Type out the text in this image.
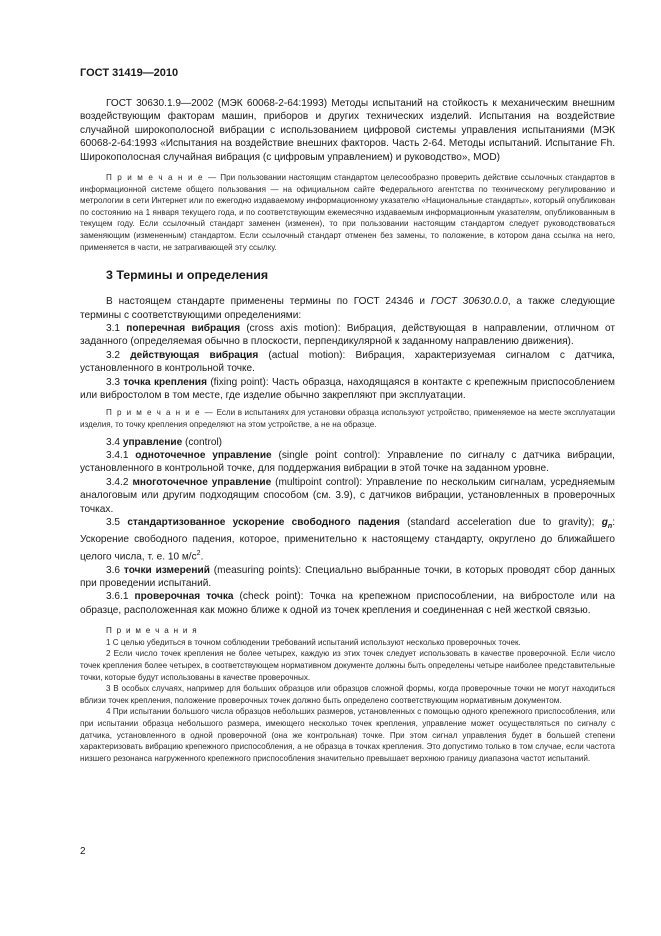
ГОСТ 31419—2010

ГОСТ 30630.1.9—2002 (МЭК 60068-2-64:1993) Методы испытаний на стойкость к механическим внешним воздействующим факторам машин, приборов и других технических изделий. Испытания на воздействие случайной широкополосной вибрации с использованием цифровой системы управления испытаниями (МЭК 60068-2-64:1993 «Испытания на воздействие внешних факторов. Часть 2-64. Методы испытаний. Испытание Fh. Широкополосная случайная вибрация (с цифровым управлением) и руководство», MOD)

П р и м е ч а н и е — При пользовании настоящим стандартом целесообразно проверить действие ссылочных стандартов в информационной системе общего пользования — на официальном сайте Федерального агентства по техническому регулированию и метрологии в сети Интернет или по ежегодно издаваемому информационному указателю «Национальные стандарты», который опубликован по состоянию на 1 января текущего года, и по соответствующим ежемесячно издаваемым информационным указателям, опубликованным в текущем году. Если ссылочный стандарт заменен (изменен), то при пользовании настоящим стандартом следует руководствоваться заменяющим (измененным) стандартом. Если ссылочный стандарт отменен без замены, то положение, в котором дана ссылка на него, применяется в части, не затрагивающей эту ссылку.

3 Термины и определения

В настоящем стандарте применены термины по ГОСТ 24346 и ГОСТ 30630.0.0, а также следующие термины с соответствующими определениями:

3.1 поперечная вибрация (cross axis motion): Вибрация, действующая в направлении, отличном от заданного (определяемая обычно в плоскости, перпендикулярной к заданному направлению движения).

3.2 действующая вибрация (actual motion): Вибрация, характеризуемая сигналом с датчика, установленного в контрольной точке.

3.3 точка крепления (fixing point): Часть образца, находящаяся в контакте с крепежным приспособлением или вибростолом в том месте, где изделие обычно закрепляют при эксплуатации.

П р и м е ч а н и е — Если в испытаниях для установки образца используют устройство, применяемое на месте эксплуатации изделия, то точку крепления определяют на этом устройстве, а не на образце.

3.4 управление (control)

3.4.1 одноточечное управление (single point control): Управление по сигналу с датчика вибрации, установленного в контрольной точке, для поддержания вибрации в этой точке на заданном уровне.

3.4.2 многоточечное управление (multipoint control): Управление по нескольким сигналам, усредняемым аналоговым или другим подходящим способом (см. 3.9), с датчиков вибрации, установленных в проверочных точках.

3.5 стандартизованное ускорение свободного падения (standard acceleration due to gravity); $g_n$: Ускорение свободного падения, которое, применительно к настоящему стандарту, округлено до ближайшего целого числа, т. е. 10 $м/с^2$.

3.6 точки измерений (measuring points): Специально выбранные точки, в которых проводят сбор данных при проведении испытаний.

3.6.1 проверочная точка (check point): Точка на крепежном приспособлении, на вибростоле или на образце, расположенная как можно ближе к одной из точек крепления и соединенная с ней жесткой связью.

П р и м е ч а н и я

1 С целью убедиться в точном соблюдении требований испытаний используют несколько проверочных точек.

2 Если число точек крепления не более четырех, каждую из этих точек следует использовать в качестве проверочной. Если число точек крепления более четырех, в соответствующем нормативном документе должны быть определены четыре наиболее представительные точки, которые будут использованы в качестве проверочных.

3 В особых случаях, например для больших образцов или образцов сложной формы, когда проверочные точки не могут находиться вблизи точек крепления, положение проверочных точек должно быть определено соответствующим нормативным документом.

4 При испытании большого числа образцов небольших размеров, установленных с помощью одного крепежного приспособления, или при испытании образца небольшого размера, имеющего несколько точек крепления, управление может осуществляться по сигналу с датчика, установленного в одной проверочной (она же контрольная) точке. При этом сигнал управления будет в большей степени характеризовать вибрацию крепежного приспособления, а не образца в точках крепления. Это допустимо только в том случае, если частота низшего резонанса нагруженного крепежного приспособления значительно превышает верхнюю границу диапазона частот испытаний.

2
